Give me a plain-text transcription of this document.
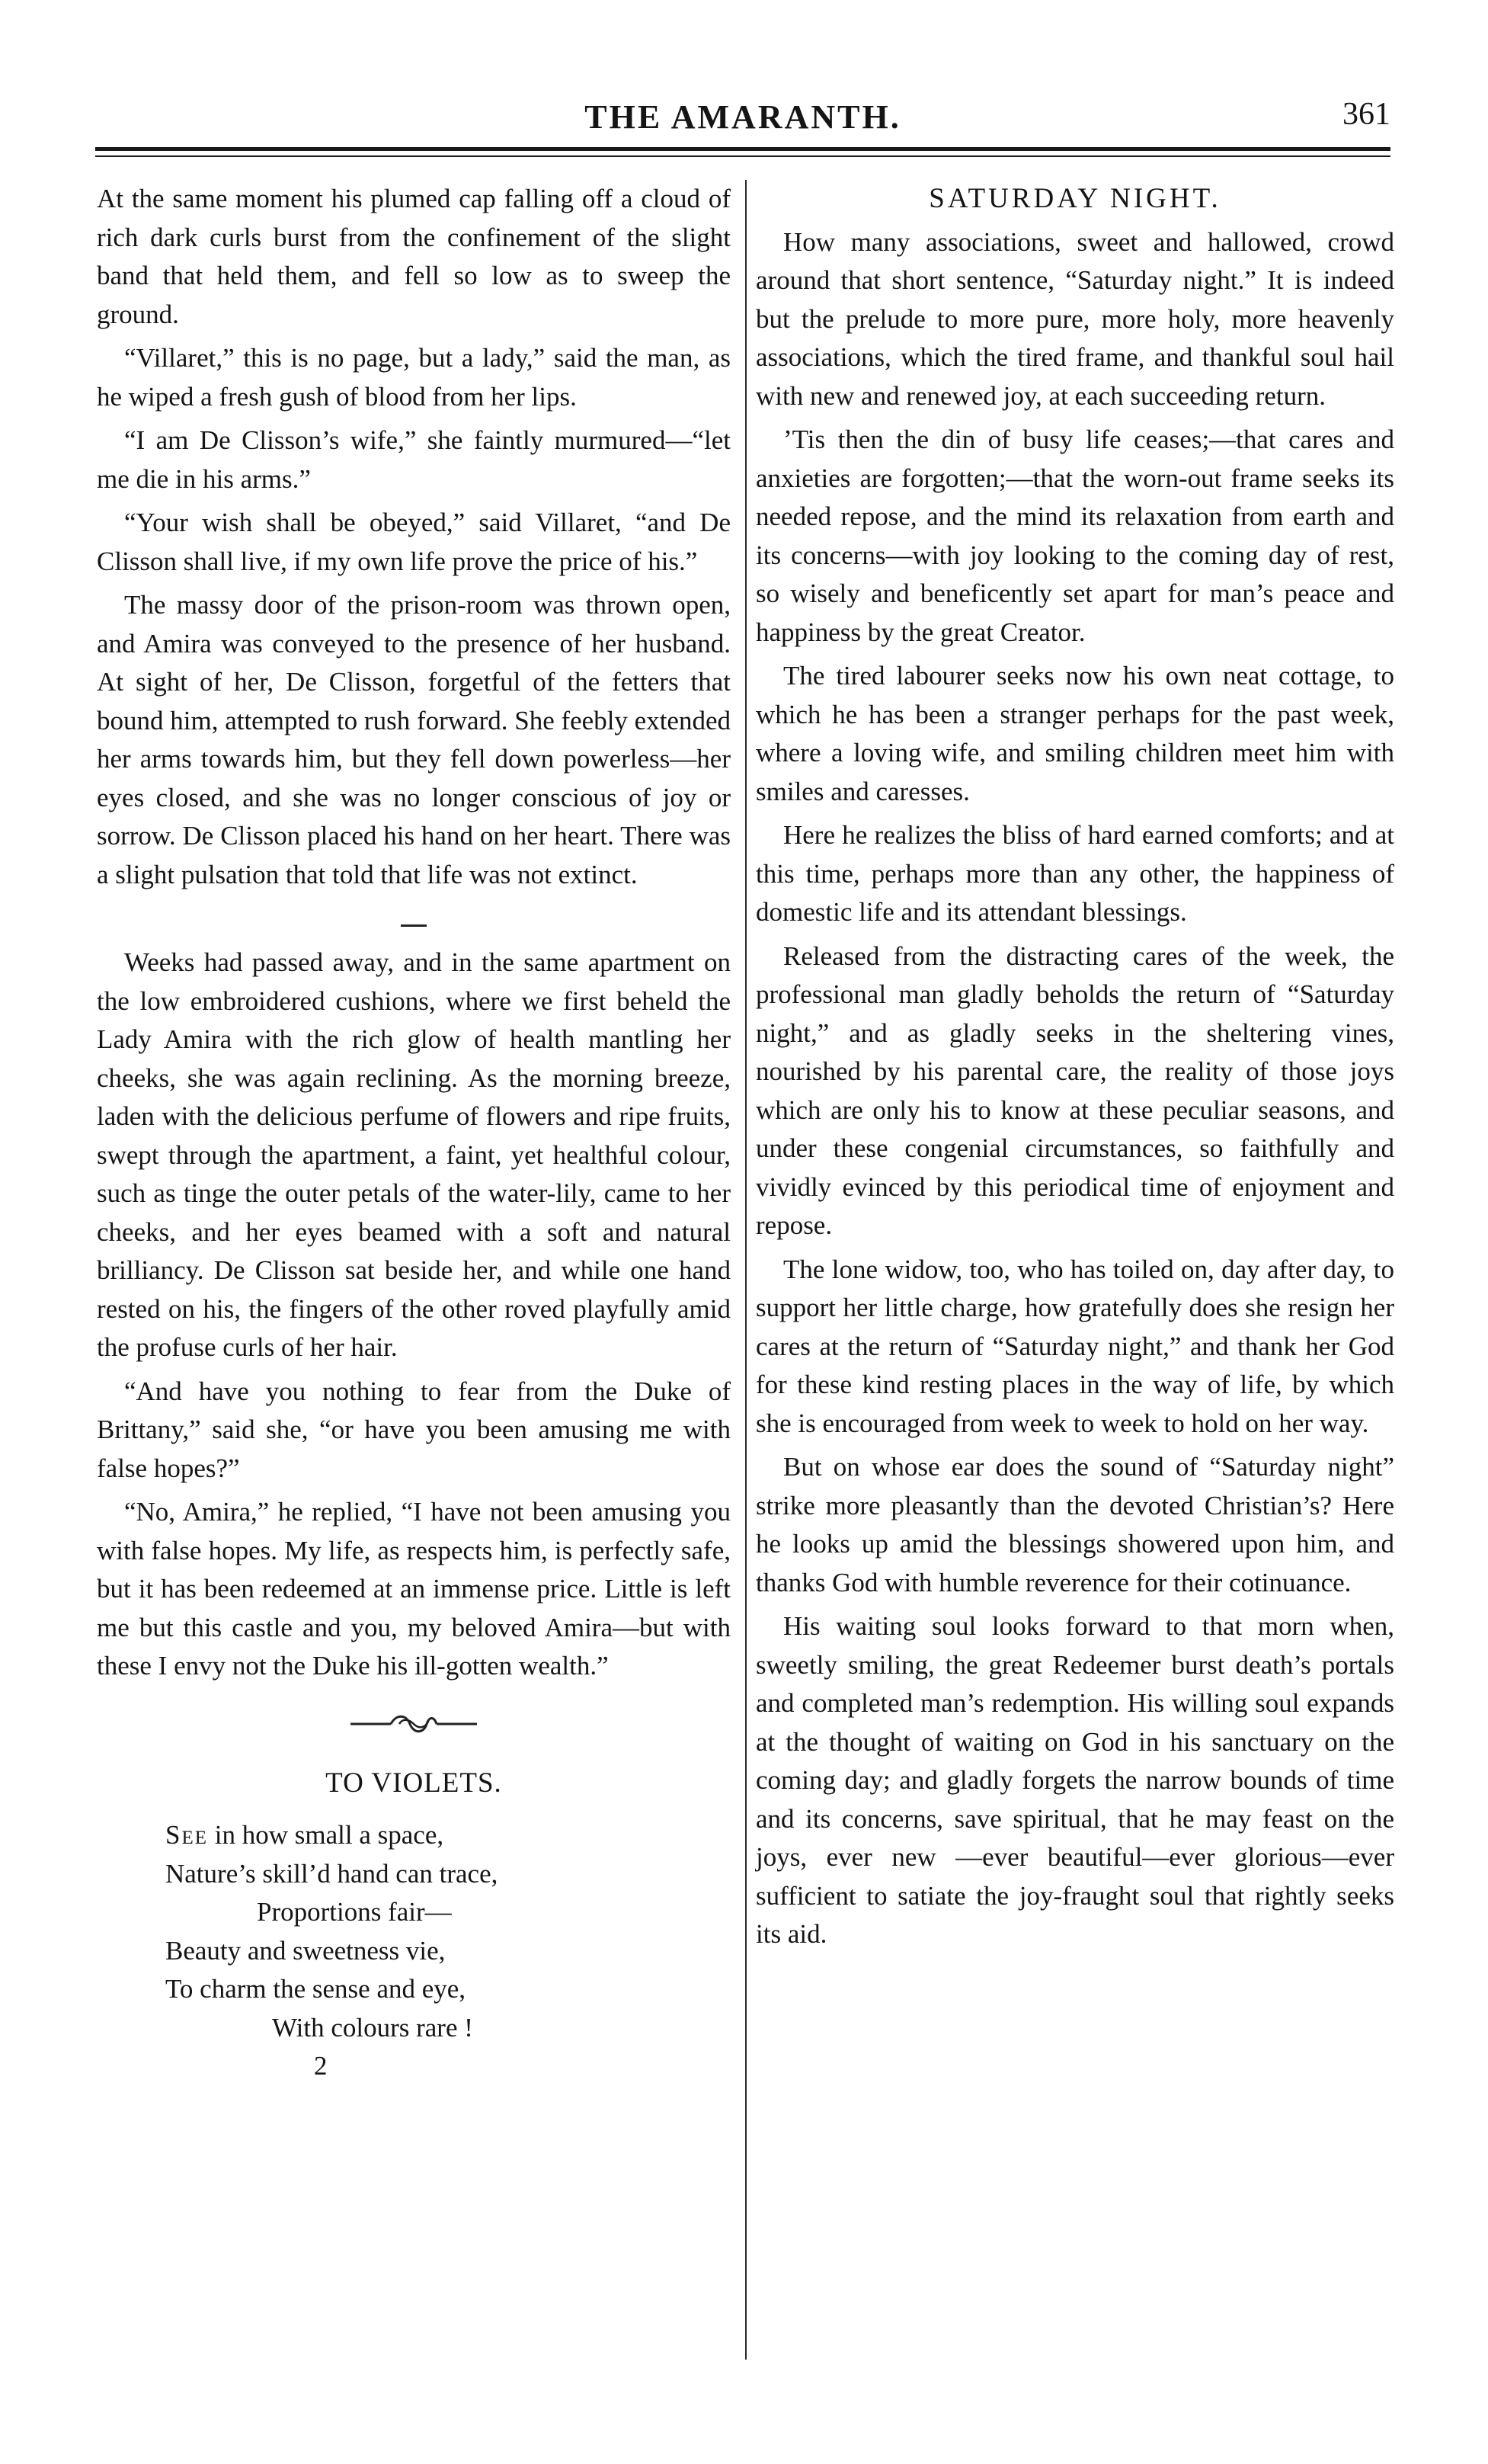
THE AMARANTH.	361

At the same moment his plumed cap falling off a cloud of rich dark curls burst from the confinement of the slight band that held them, and fell so low as to sweep the ground.

“Villaret,” this is no page, but a lady,” said the man, as he wiped a fresh gush of blood from her lips.

“I am De Clisson’s wife,” she faintly murmured—“let me die in his arms.”

“Your wish shall be obeyed,” said Villaret, “and De Clisson shall live, if my own life prove the price of his.”

The massy door of the prison-room was thrown open, and Amira was conveyed to the presence of her husband. At sight of her, De Clisson, forgetful of the fetters that bound him, attempted to rush forward. She feebly extended her arms towards him, but they fell down powerless—her eyes closed, and she was no longer conscious of joy or sorrow. De Clisson placed his hand on her heart. There was a slight pulsation that told that life was not extinct.

Weeks had passed away, and in the same apartment on the low embroidered cushions, where we first beheld the Lady Amira with the rich glow of health mantling her cheeks, she was again reclining. As the morning breeze, laden with the delicious perfume of flowers and ripe fruits, swept through the apartment, a faint, yet healthful colour, such as tinge the outer petals of the water-lily, came to her cheeks, and her eyes beamed with a soft and natural brilliancy. De Clisson sat beside her, and while one hand rested on his, the fingers of the other roved playfully amid the profuse curls of her hair.

“And have you nothing to fear from the Duke of Brittany,” said she, “or have you been amusing me with false hopes?”

“No, Amira,” he replied, “I have not been amusing you with false hopes. My life, as respects him, is perfectly safe, but it has been redeemed at an immense price. Little is left me but this castle and you, my beloved Amira—but with these I envy not the Duke his ill-gotten wealth.”

TO VIOLETS.
See in how small a space,
Nature’s skill’d hand can trace,
Proportions fair—
Beauty and sweetness vie,
To charm the sense and eye,
With colours rare !
2
SATURDAY NIGHT.

How many associations, sweet and hallowed, crowd around that short sentence, “Saturday night.” It is indeed but the prelude to more pure, more holy, more heavenly associations, which the tired frame, and thankful soul hail with new and renewed joy, at each succeeding return.

’Tis then the din of busy life ceases;—that cares and anxieties are forgotten;—that the worn-out frame seeks its needed repose, and the mind its relaxation from earth and its concerns—with joy looking to the coming day of rest, so wisely and beneficently set apart for man’s peace and happiness by the great Creator.

The tired labourer seeks now his own neat cottage, to which he has been a stranger perhaps for the past week, where a loving wife, and smiling children meet him with smiles and caresses.

Here he realizes the bliss of hard earned comforts; and at this time, perhaps more than any other, the happiness of domestic life and its attendant blessings.

Released from the distracting cares of the week, the professional man gladly beholds the return of “Saturday night,” and as gladly seeks in the sheltering vines, nourished by his parental care, the reality of those joys which are only his to know at these peculiar seasons, and under these congenial circumstances, so faithfully and vividly evinced by this periodical time of enjoyment and repose.

The lone widow, too, who has toiled on, day after day, to support her little charge, how gratefully does she resign her cares at the return of “Saturday night,” and thank her God for these kind resting places in the way of life, by which she is encouraged from week to week to hold on her way.

But on whose ear does the sound of “Saturday night” strike more pleasantly than the devoted Christian’s? Here he looks up amid the blessings showered upon him, and thanks God with humble reverence for their cotinuance.

His waiting soul looks forward to that morn when, sweetly smiling, the great Redeemer burst death’s portals and completed man’s redemption. His willing soul expands at the thought of waiting on God in his sanctuary on the coming day; and gladly forgets the narrow bounds of time and its concerns, save spiritual, that he may feast on the joys, ever new —ever beautiful—ever glorious—ever sufficient to satiate the joy-fraught soul that rightly seeks its aid.
